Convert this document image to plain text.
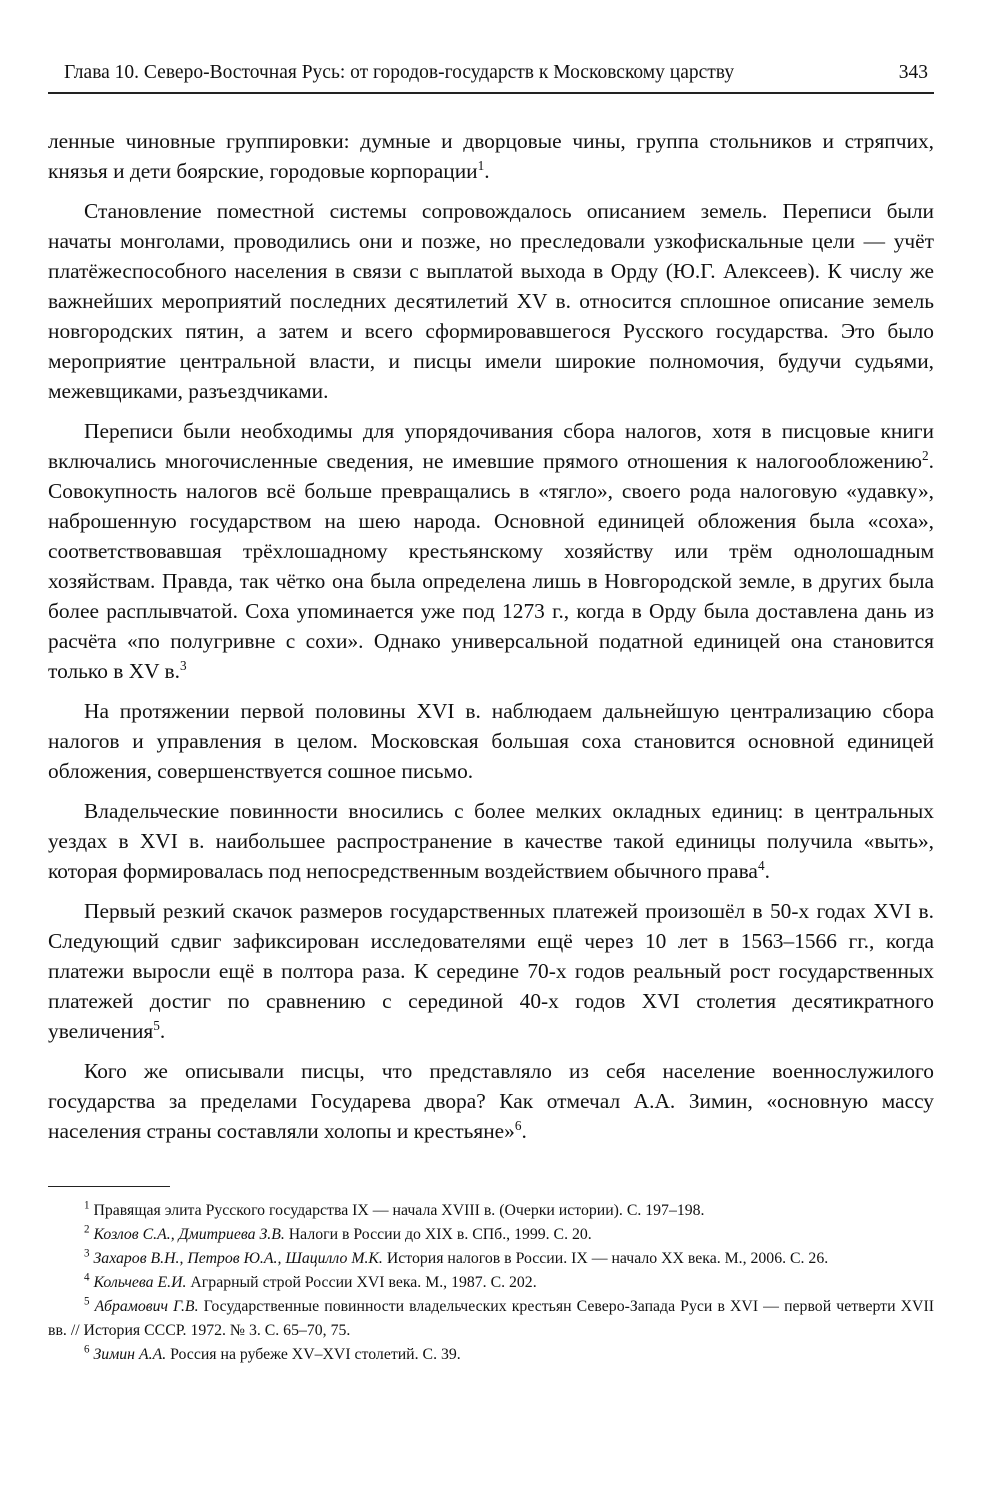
Глава 10. Северо-Восточная Русь: от городов-государств к Московскому царству	343

ленные чиновные группировки: думные и дворцовые чины, группа стольников и стряпчих, князья и дети боярские, городовые корпорации$^1$.

Становление поместной системы сопровождалось описанием земель. Переписи были начаты монголами, проводились они и позже, но преследовали узкофискальные цели — учёт платёжеспособного населения в связи с выплатой выхода в Орду (Ю.Г. Алексеев). К числу же важнейших мероприятий последних десятилетий XV в. относится сплошное описание земель новгородских пятин, а затем и всего сформировавшегося Русского государства. Это было мероприятие центральной власти, и писцы имели широкие полномочия, будучи судьями, межевщиками, разъездчиками.

Переписи были необходимы для упорядочивания сбора налогов, хотя в писцовые книги включались многочисленные сведения, не имевшие прямого отношения к налогообложению$^2$. Совокупность налогов всё больше превращались в «тягло», своего рода налоговую «удавку», наброшенную государством на шею народа. Основной единицей обложения была «соха», соответствовавшая трёхлошадному крестьянскому хозяйству или трём однолошадным хозяйствам. Правда, так чётко она была определена лишь в Новгородской земле, в других была более расплывчатой. Соха упоминается уже под 1273 г., когда в Орду была доставлена дань из расчёта «по полугривне с сохи». Однако универсальной податной единицей она становится только в XV в.$^3$

На протяжении первой половины XVI в. наблюдаем дальнейшую централизацию сбора налогов и управления в целом. Московская большая соха становится основной единицей обложения, совершенствуется сошное письмо.

Владельческие повинности вносились с более мелких окладных единиц: в центральных уездах в XVI в. наибольшее распространение в качестве такой единицы получила «выть», которая формировалась под непосредственным воздействием обычного права$^4$.

Первый резкий скачок размеров государственных платежей произошёл в 50-х годах XVI в. Следующий сдвиг зафиксирован исследователями ещё через 10 лет в 1563–1566 гг., когда платежи выросли ещё в полтора раза. К середине 70-х годов реальный рост государственных платежей достиг по сравнению с серединой 40-х годов XVI столетия десятикратного увеличения$^5$.

Кого же описывали писцы, что представляло из себя население военнослужилого государства за пределами Государева двора? Как отмечал А.А. Зимин, «основную массу населения страны составляли холопы и крестьяне»$^6$.

$^1$ Правящая элита Русского государства IX — начала XVIII в. (Очерки истории). С. 197–198.

$^2$ Козлов С.А., Дмитриева З.В. Налоги в России до XIX в. СПб., 1999. С. 20.

$^3$ Захаров В.Н., Петров Ю.А., Шацилло М.К. История налогов в России. IX — начало XX века. М., 2006. С. 26.

$^4$ Кольчева Е.И. Аграрный строй России XVI века. М., 1987. С. 202.

$^5$ Абрамович Г.В. Государственные повинности владельческих крестьян Северо-Запада Руси в XVI — первой четверти XVII вв. // История СССР. 1972. № 3. С. 65–70, 75.

$^6$ Зимин А.А. Россия на рубеже XV–XVI столетий. С. 39.
